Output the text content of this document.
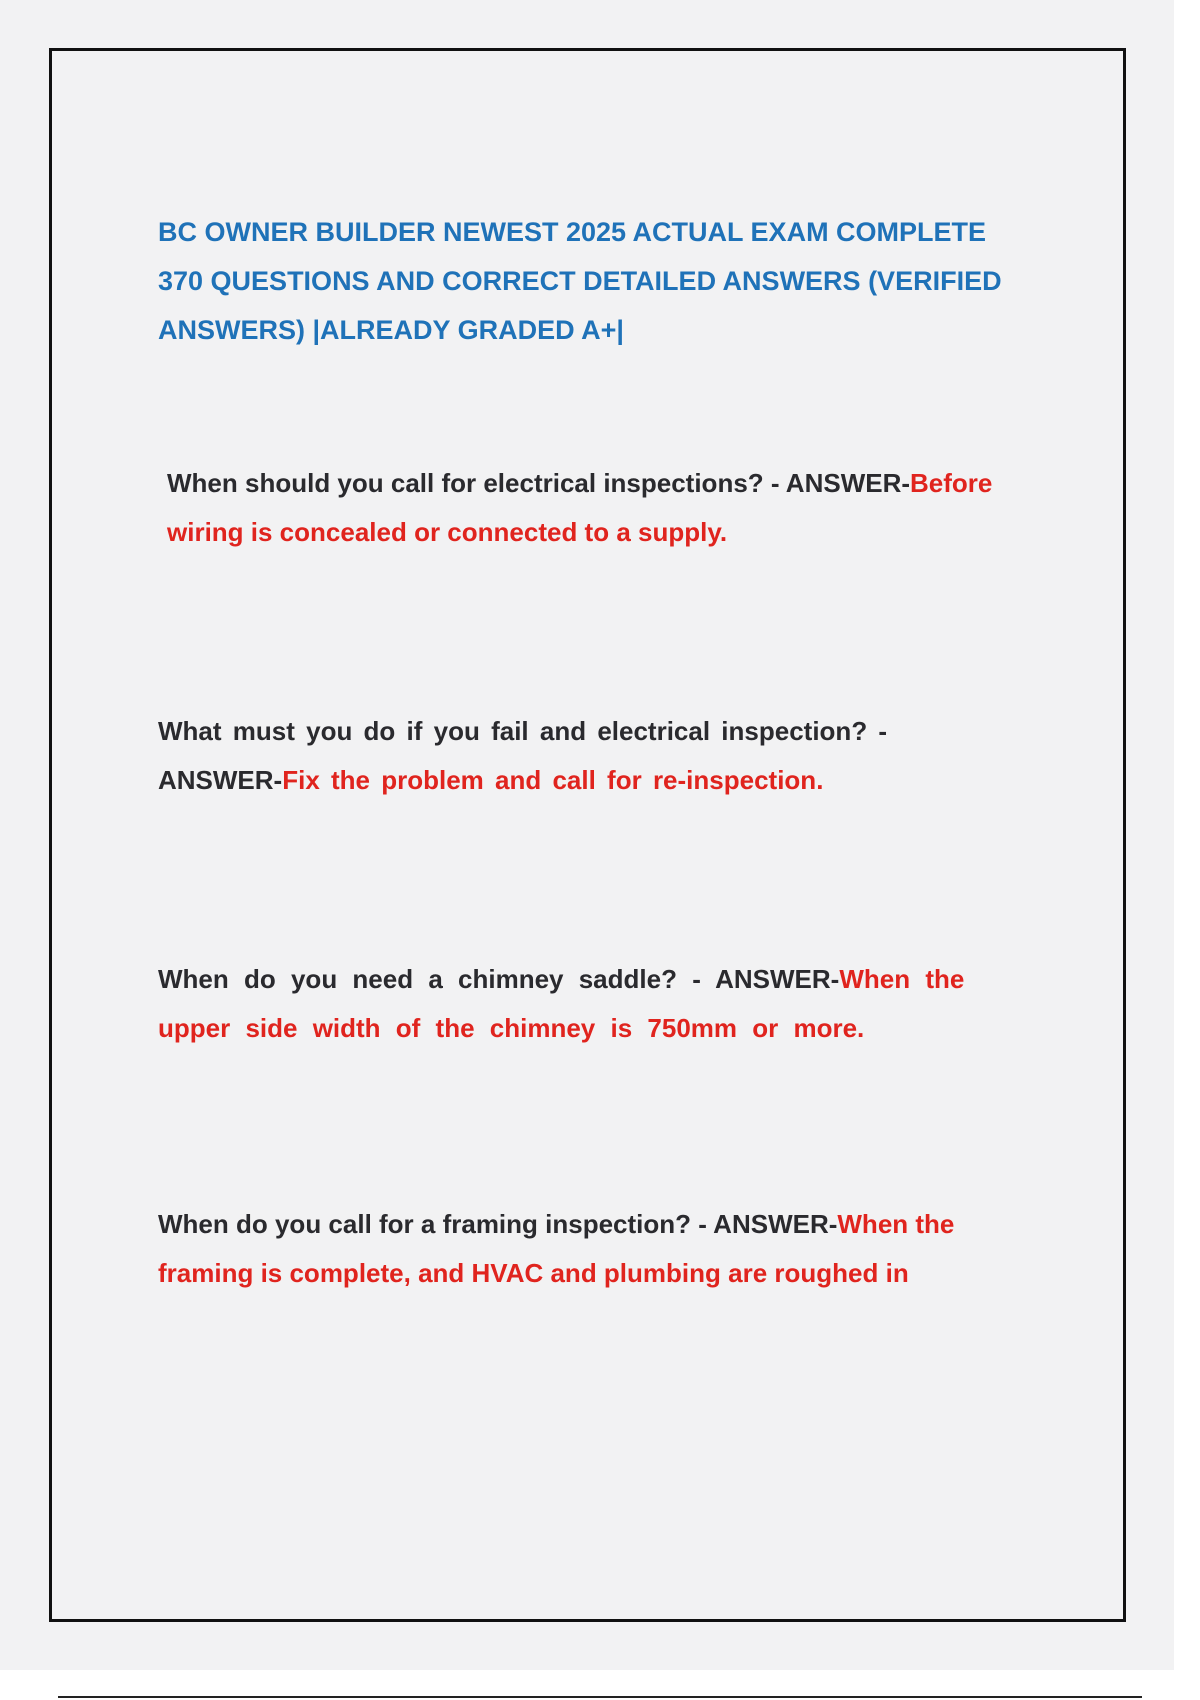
BC OWNER BUILDER NEWEST 2025 ACTUAL EXAM COMPLETE 370 QUESTIONS AND CORRECT DETAILED ANSWERS (VERIFIED ANSWERS) |ALREADY GRADED A+|

When should you call for electrical inspections? - ANSWER-Before wiring is concealed or connected to a supply.

What must you do if you fail and electrical inspection? - ANSWER-Fix the problem and call for re-inspection.

When do you need a chimney saddle? - ANSWER-When the upper side width of the chimney is 750mm or more.

When do you call for a framing inspection? - ANSWER-When the framing is complete, and HVAC and plumbing are roughed in
